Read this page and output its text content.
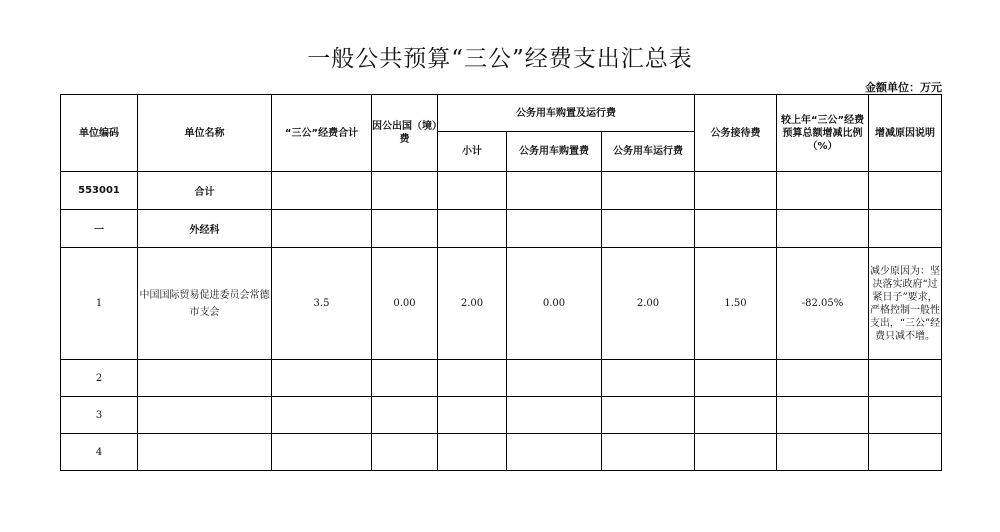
一般公共预算“三公”经费支出汇总表
金额单位：万元
单位编码	单位名称	“三公”经费合计	因公出国（境）费	公务用车购置及运行费			公务接待费	较上年“三公”经费预算总额增减比例（%）	增减原因说明
				小计	公务用车购置费	公务用车运行费			
553001	合计								
一	外经科								
1	中国国际贸易促进委员会常德市支会	3.5	0.00	2.00	0.00	2.00	1.50	-82.05%	减少原因为：坚决落实政府“过紧日子”要求，严格控制一般性支出，“三公”经费只减不增。
2									
3									
4									
